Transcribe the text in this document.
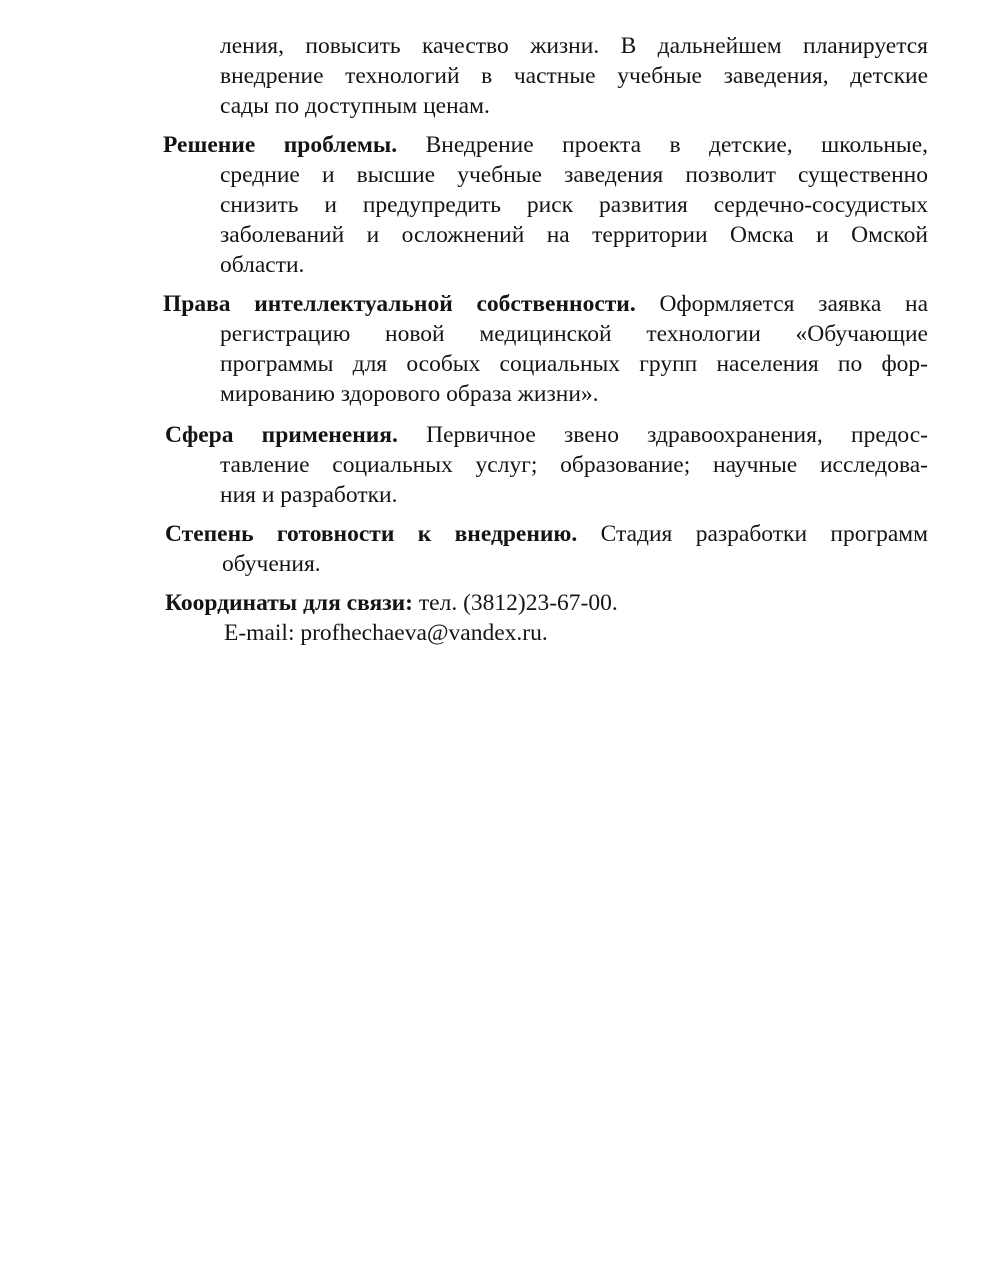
ления, повысить качество жизни. В дальнейшем планируется
внедрение технологий в частные учебные заведения, детские
сады по доступным ценам.
Решение проблемы. Внедрение проекта в детские, школьные,
средние и высшие учебные заведения позволит существенно
снизить и предупредить риск развития сердечно-сосудистых
заболеваний и осложнений на территории Омска и Омской
области.
Права интеллектуальной собственности. Оформляется заявка на
регистрацию новой медицинской технологии «Обучающие
программы для особых социальных групп населения по фор-
мированию здорового образа жизни».
Сфера применения. Первичное звено здравоохранения, предос-
тавление социальных услуг; образование; научные исследова-
ния и разработки.
Степень готовности к внедрению. Стадия разработки программ
обучения.
Координаты для связи: тел. (3812)23-67-00.
E-mail: profhechaeva@vandex.ru.
